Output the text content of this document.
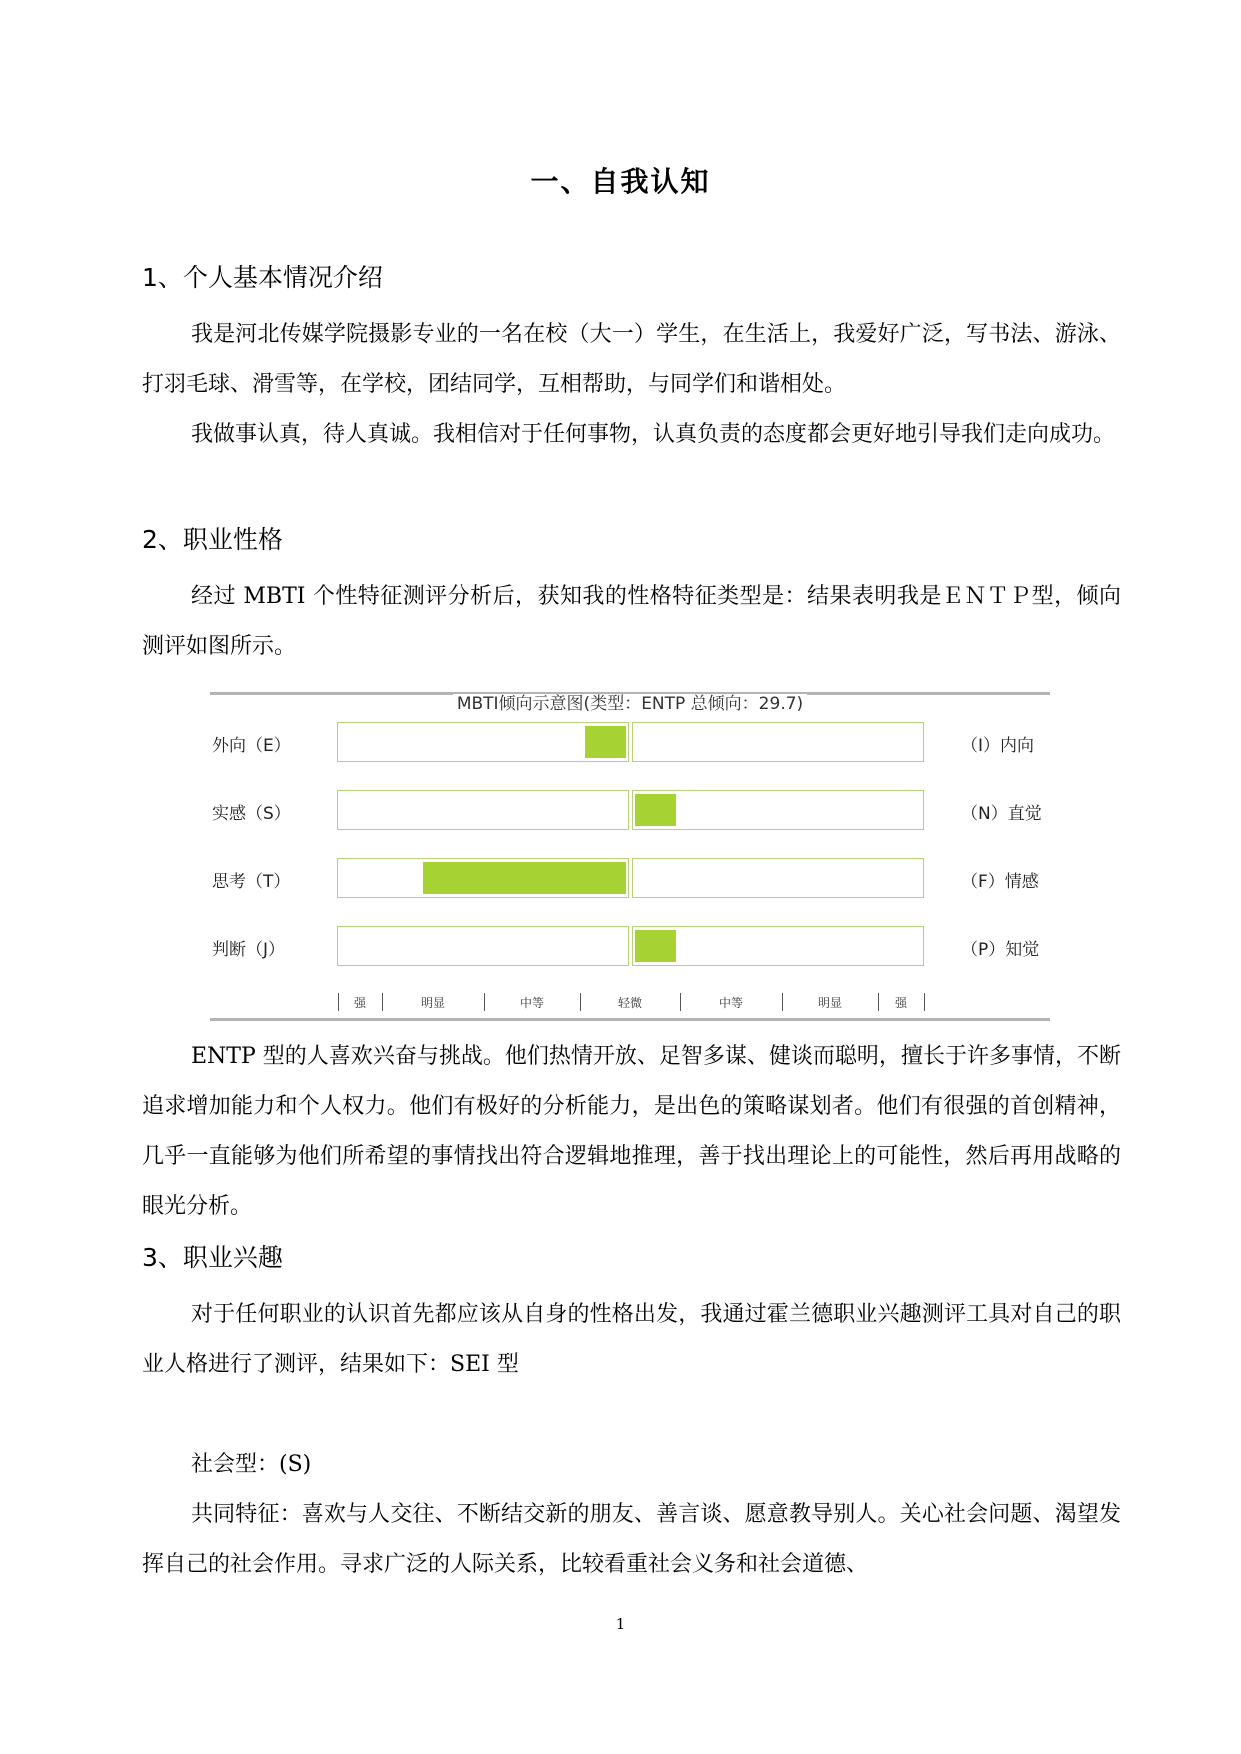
一、自我认知
1、个人基本情况介绍

我是河北传媒学院摄影专业的一名在校（大一）学生，在生活上，我爱好广泛，写书法、游泳、打羽毛球、滑雪等，在学校，团结同学，互相帮助，与同学们和谐相处。

我做事认真，待人真诚。我相信对于任何事物，认真负责的态度都会更好地引导我们走向成功。

2、职业性格

经过 MBTI 个性特征测评分析后，获知我的性格特征类型是：结果表明我是ＥＮＴＰ型，倾向测评如图所示。

MBTI倾向示意图(类型：ENTP 总倾向：29.7)
外向（E）	（I）内向
实感（S）	（N）直觉
思考（T）	（F）情感
判断（J）	（P）知觉
强	明显	中等	轻微	中等	明显	强

ENTP 型的人喜欢兴奋与挑战。他们热情开放、足智多谋、健谈而聪明，擅长于许多事情，不断追求增加能力和个人权力。他们有极好的分析能力，是出色的策略谋划者。他们有很强的首创精神，几乎一直能够为他们所希望的事情找出符合逻辑地推理，善于找出理论上的可能性，然后再用战略的眼光分析。

3、职业兴趣

对于任何职业的认识首先都应该从自身的性格出发，我通过霍兰德职业兴趣测评工具对自己的职业人格进行了测评，结果如下：SEI 型

社会型：(S)

共同特征：喜欢与人交往、不断结交新的朋友、善言谈、愿意教导别人。关心社会问题、渴望发挥自己的社会作用。寻求广泛的人际关系，比较看重社会义务和社会道德、

1
